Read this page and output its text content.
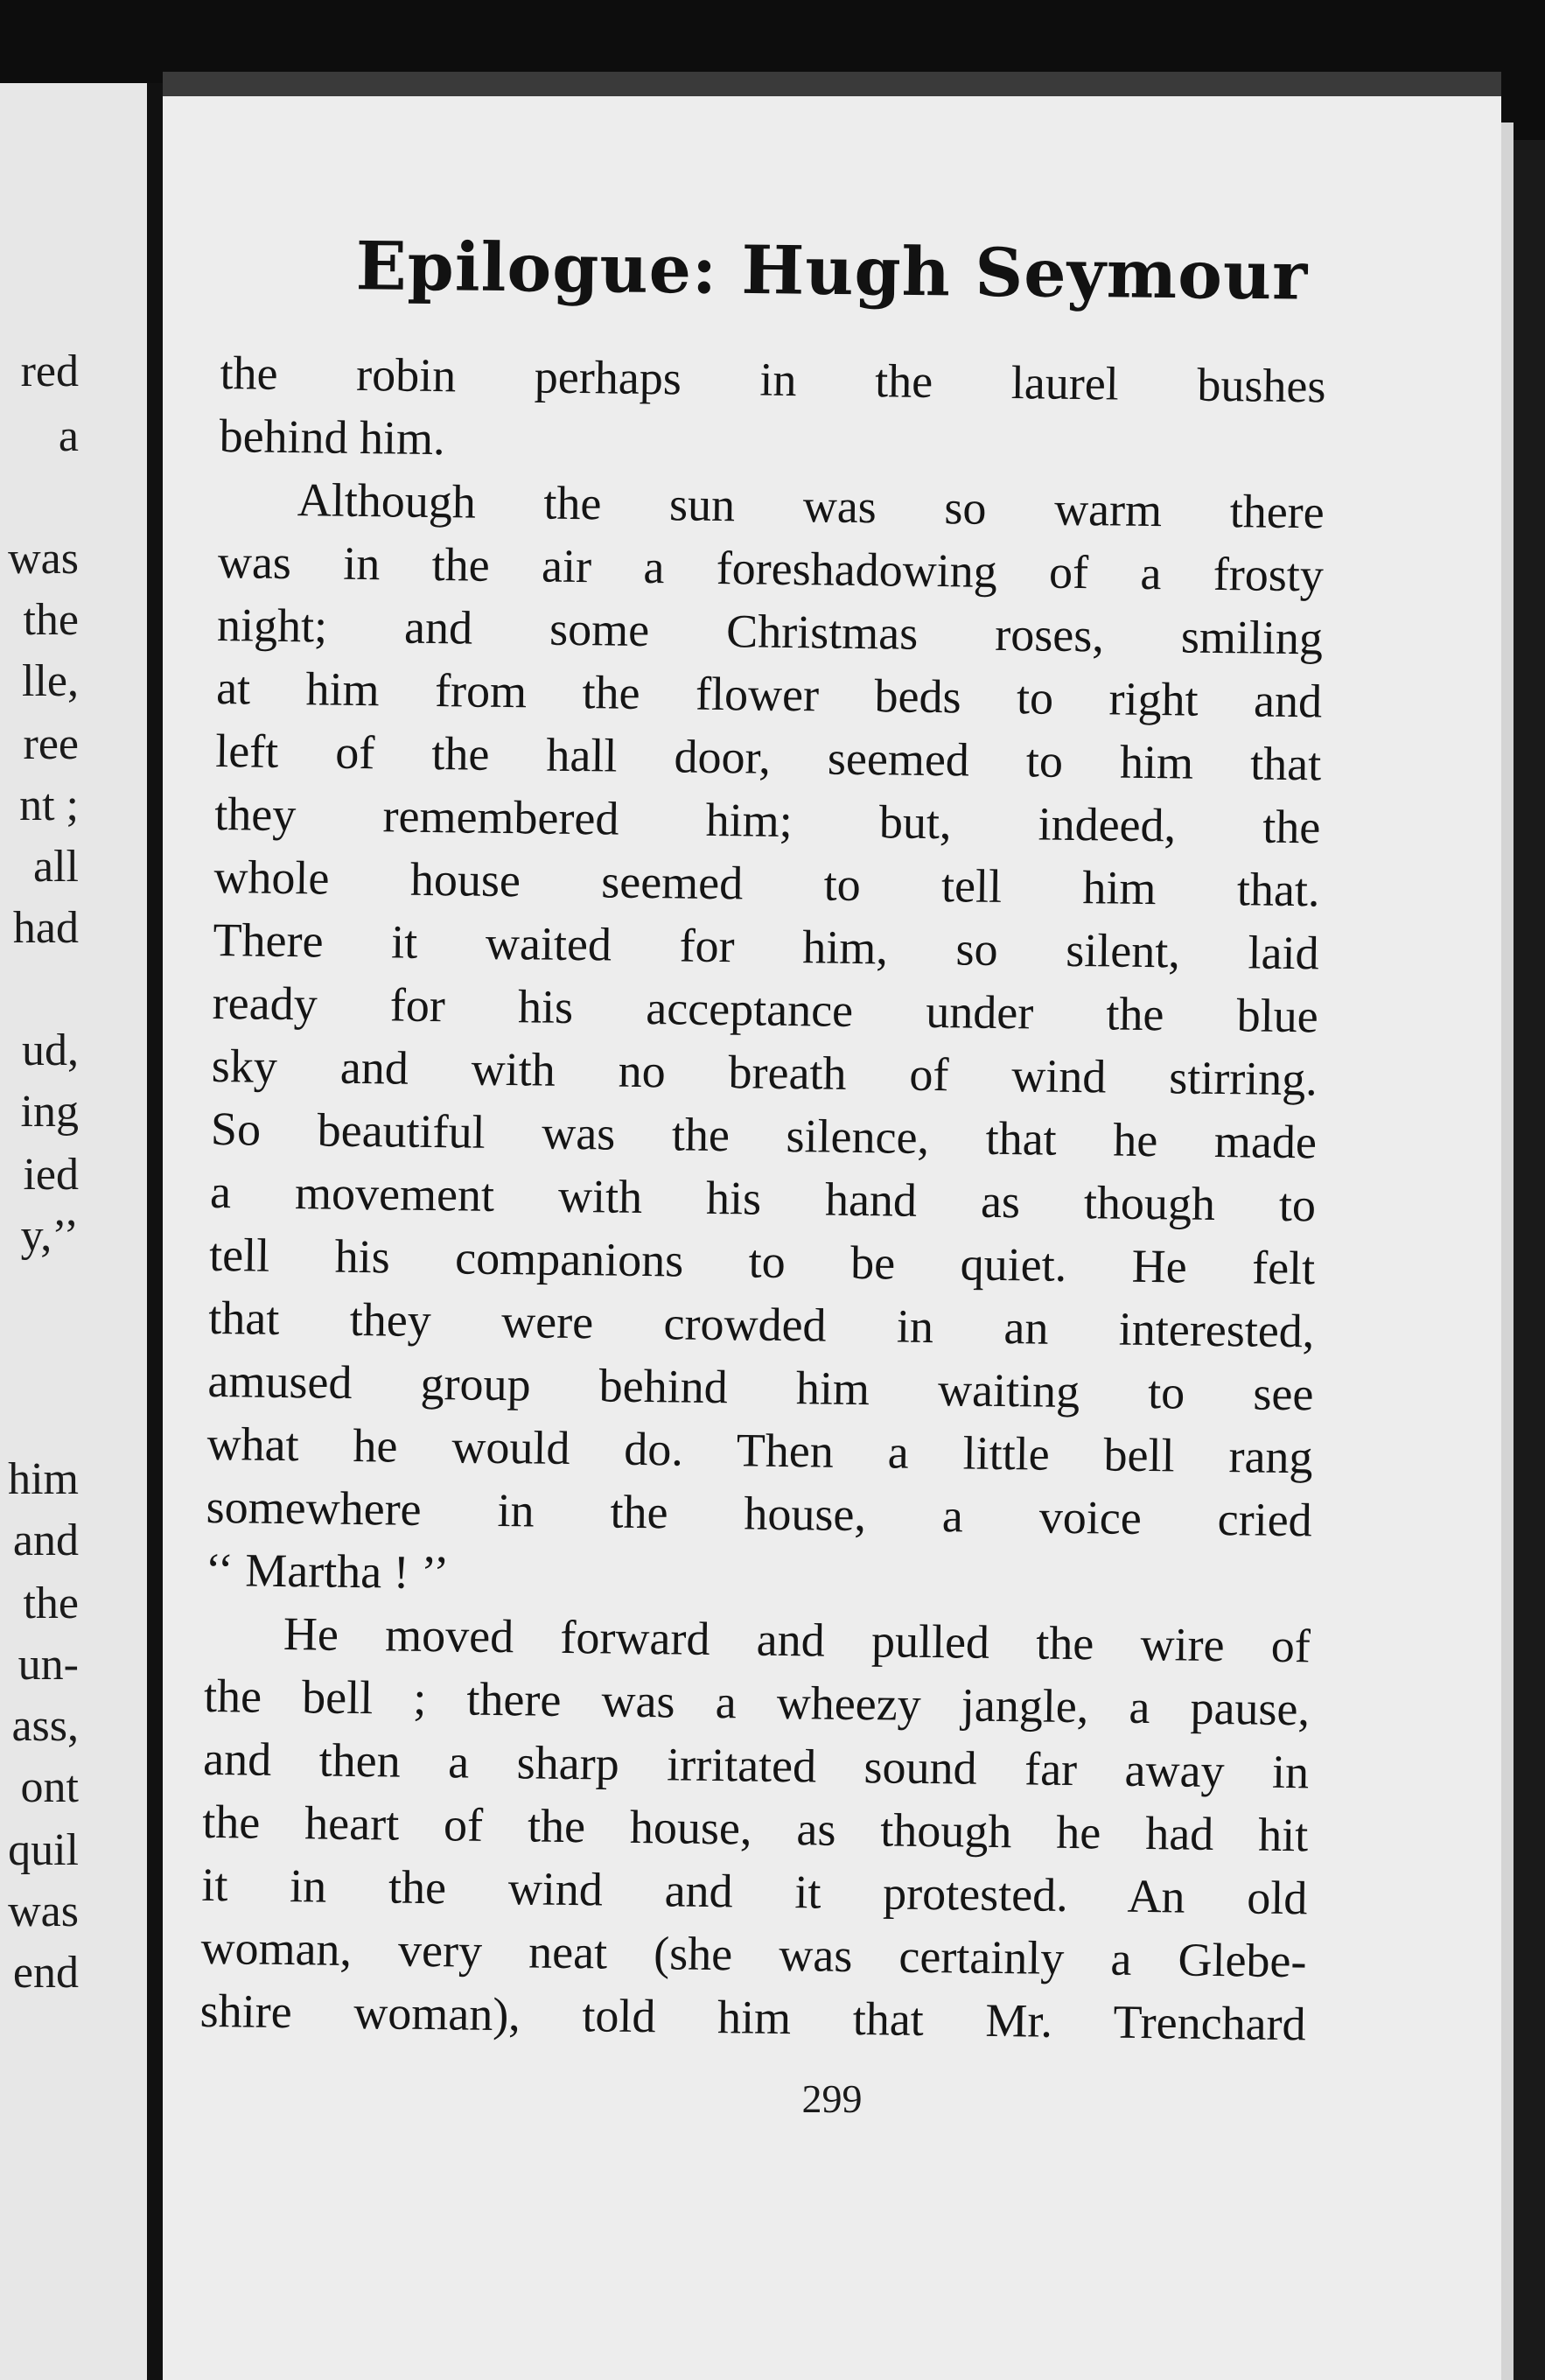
red
a
was
the
lle,
ree
nt ;
all
had
ud,
ing
ied
y,’’
him
and
the
un-
ass,
ont
quil
was
end
Epilogue: Hugh Seymour
the robin perhaps in the laurel bushes
behind him.
Although the sun was so warm there
was in the air a foreshadowing of a frosty
night; and some Christmas roses, smiling
at him from the flower beds to right and
left of the hall door, seemed to him that
they remembered him; but, indeed, the
whole house seemed to tell him that.
There it waited for him, so silent, laid
ready for his acceptance under the blue
sky and with no breath of wind stirring.
So beautiful was the silence, that he made
a movement with his hand as though to
tell his companions to be quiet. He felt
that they were crowded in an interested,
amused group behind him waiting to see
what he would do. Then a little bell rang
somewhere in the house, a voice cried
‘‘ Martha ! ’’
He moved forward and pulled the wire of
the bell ; there was a wheezy jangle, a pause,
and then a sharp irritated sound far away in
the heart of the house, as though he had hit
it in the wind and it protested. An old
woman, very neat (she was certainly a Glebe-
shire woman), told him that Mr. Trenchard
299
